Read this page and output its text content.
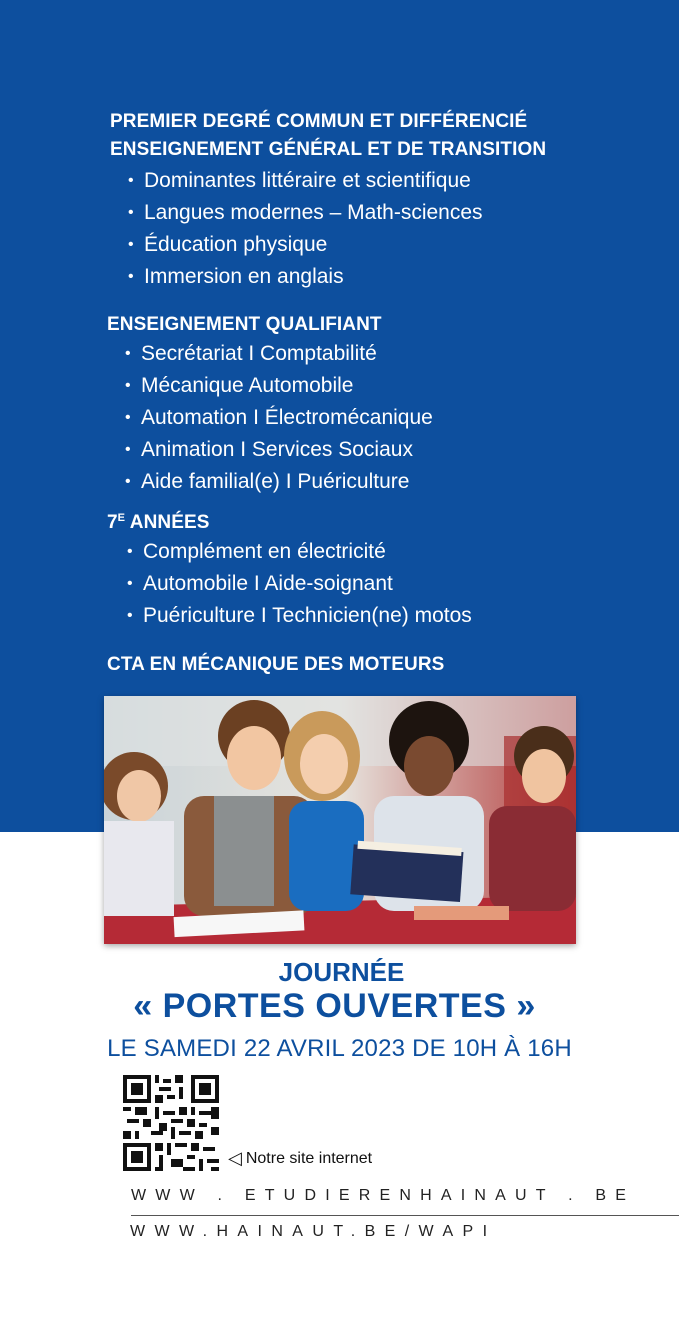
PREMIER DEGRÉ COMMUN ET DIFFÉRENCIÉ
ENSEIGNEMENT GÉNÉRAL ET DE TRANSITION
• Dominantes littéraire et scientifique
• Langues modernes – Math-sciences
• Éducation physique
• Immersion en anglais
ENSEIGNEMENT QUALIFIANT
• Secrétariat I Comptabilité
• Mécanique Automobile
• Automation I Électromécanique
• Animation I Services Sociaux
• Aide familial(e) I Puériculture
$7^E$ ANNÉES
• Complément en électricité
• Automobile I Aide-soignant
• Puériculture I Technicien(ne) motos
CTA EN MÉCANIQUE DES MOTEURS
JOURNÉE
« PORTES OUVERTES »
LE SAMEDI 22 AVRIL 2023 DE 10H À 16H
◁ Notre site internet
WWW . ETUDIERENHAINAUT . BE
WWW.HAINAUT.BE/WAPI
